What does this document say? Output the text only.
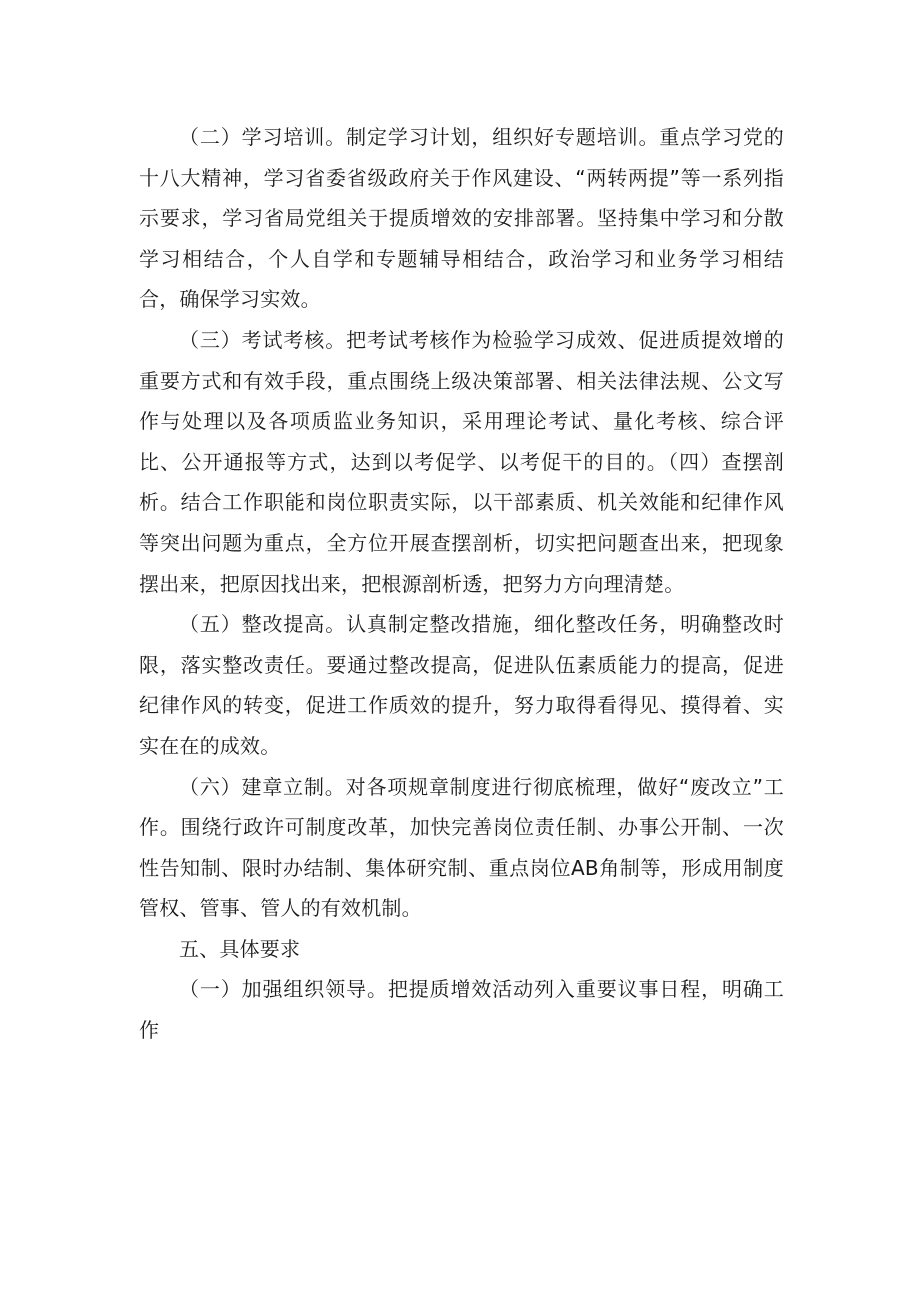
（二）学习培训。制定学习计划，组织好专题培训。重点学习党的十八大精神，学习省委省级政府关于作风建设、“两转两提”等一系列指示要求，学习省局党组关于提质增效的安排部署。坚持集中学习和分散学习相结合，个人自学和专题辅导相结合，政治学习和业务学习相结合，确保学习实效。

（三）考试考核。把考试考核作为检验学习成效、促进质提效增的重要方式和有效手段，重点围绕上级决策部署、相关法律法规、公文写作与处理以及各项质监业务知识，采用理论考试、量化考核、综合评比、公开通报等方式，达到以考促学、以考促干的目的。（四）查摆剖析。结合工作职能和岗位职责实际，以干部素质、机关效能和纪律作风等突出问题为重点，全方位开展查摆剖析，切实把问题查出来，把现象摆出来，把原因找出来，把根源剖析透，把努力方向理清楚。

（五）整改提高。认真制定整改措施，细化整改任务，明确整改时限，落实整改责任。要通过整改提高，促进队伍素质能力的提高，促进纪律作风的转变，促进工作质效的提升，努力取得看得见、摸得着、实实在在的成效。

（六）建章立制。对各项规章制度进行彻底梳理，做好“废改立”工作。围绕行政许可制度改革，加快完善岗位责任制、办事公开制、一次性告知制、限时办结制、集体研究制、重点岗位AB角制等，形成用制度管权、管事、管人的有效机制。

五、具体要求

（一）加强组织领导。把提质增效活动列入重要议事日程，明确工作
